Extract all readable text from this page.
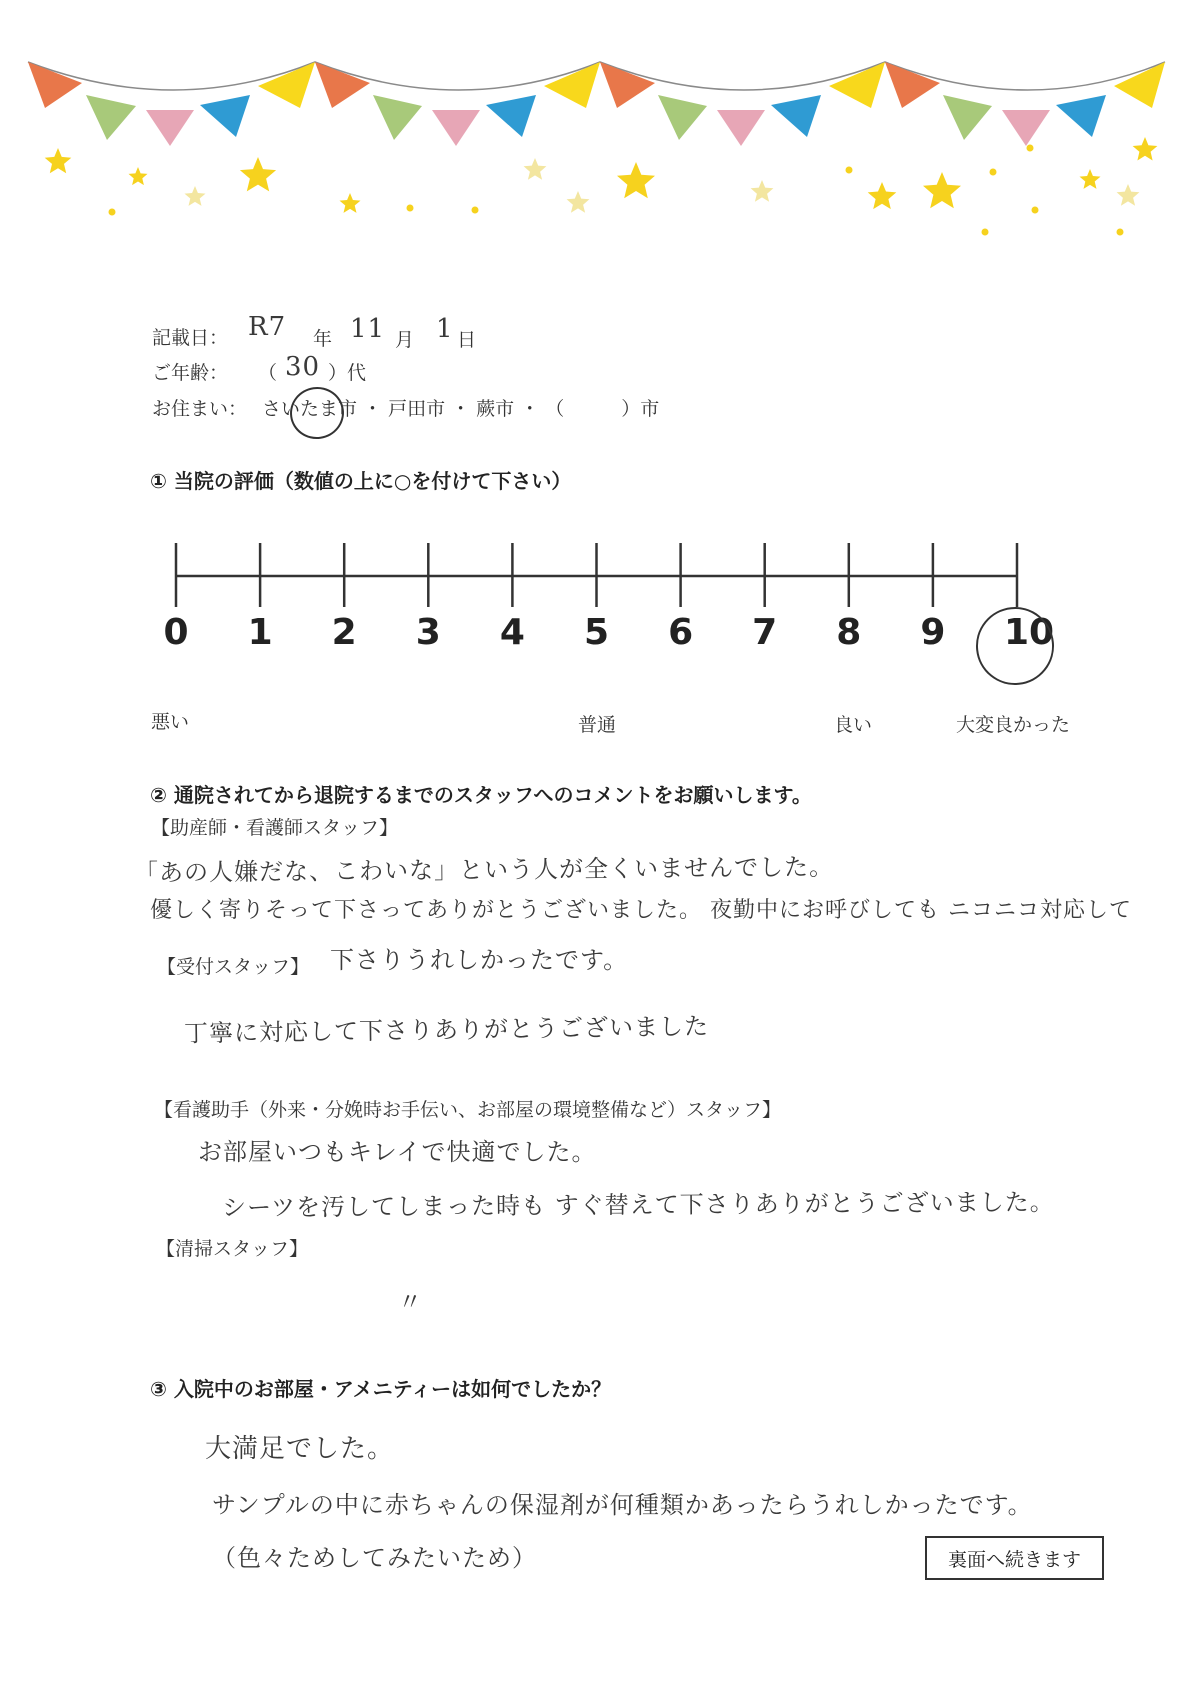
記載日： R7 年 11 月 1 日
ご年齢： （ 30 ）代
お住まい： さいたま市 ・ 戸田市 ・ 蕨市 ・ （　　　）市
① 当院の評価（数値の上に○を付けて下さい）
0	1	2	3	4	5	6	7	8	9	10
悪い	普通	良い	大変良かった
② 通院されてから退院するまでのスタッフへのコメントをお願いします。
【助産師・看護師スタッフ】
「あの人嫌だな、こわいな」という人が全くいませんでした。
優しく寄りそって下さってありがとうございました。 夜勤中にお呼びしても ニコニコ対応して
【受付スタッフ】 下さりうれしかったです。
丁寧に対応して下さりありがとうございました
【看護助手（外来・分娩時お手伝い、お部屋の環境整備など）スタッフ】
お部屋いつもキレイで快適でした。
シーツを汚してしまった時も すぐ替えて下さりありがとうございました。
【清掃スタッフ】
〃
③ 入院中のお部屋・アメニティーは如何でしたか？
大満足でした。
サンプルの中に赤ちゃんの保湿剤が何種類かあったらうれしかったです。
（色々ためしてみたいため）	裏面へ続きます
